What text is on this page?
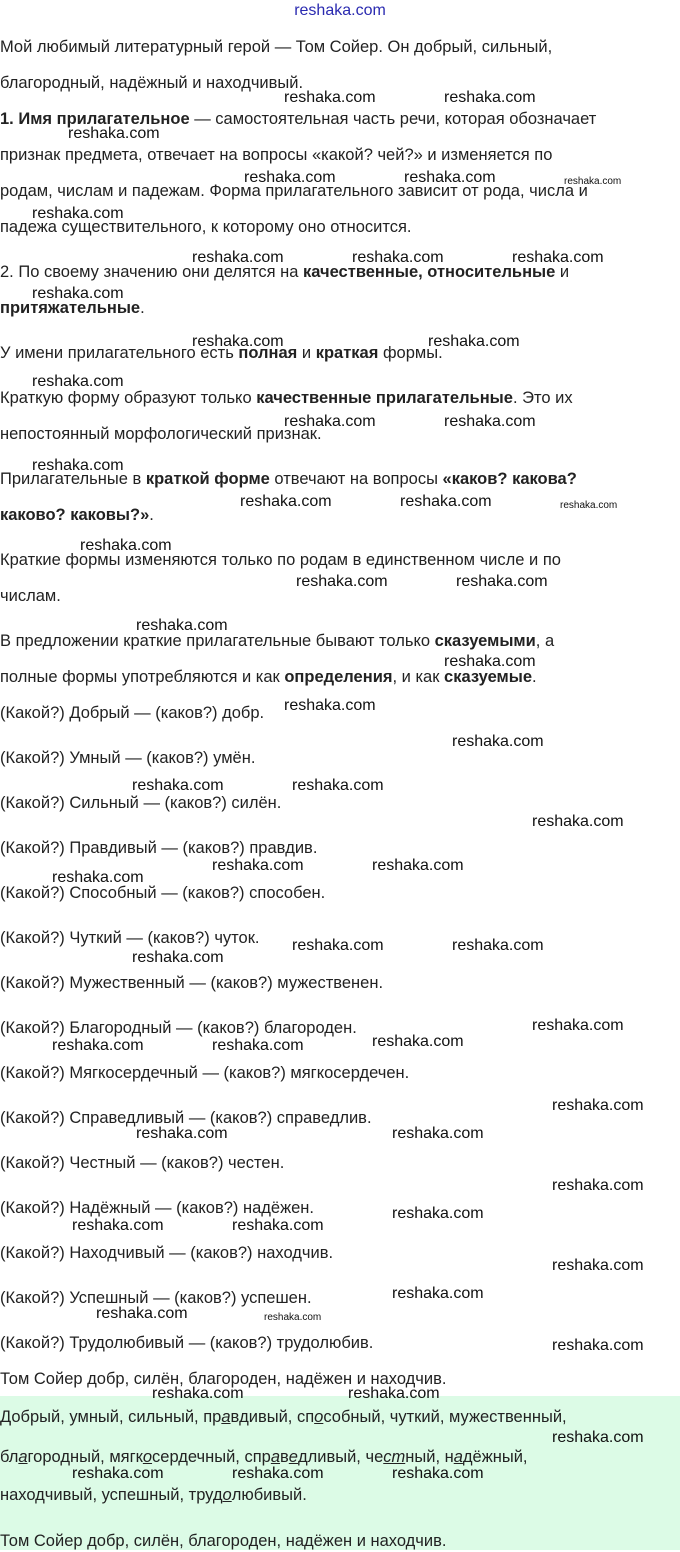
reshaka.com
Мой любимый литературный герой — Том Сойер. Он добрый, сильный,
благородный, надёжный и находчивый.
1. Имя прилагательное — самостоятельная часть речи, которая обозначает
признак предмета, отвечает на вопросы «какой? чей?» и изменяется по
родам, числам и падежам. Форма прилагательного зависит от рода, числа и
падежа существительного, к которому оно относится.
2. По своему значению они делятся на качественные, относительные и
притяжательные.
У имени прилагательного есть полная и краткая формы.
Краткую форму образуют только качественные прилагательные. Это их
непостоянный морфологический признак.
Прилагательные в краткой форме отвечают на вопросы «каков? какова?
каково? каковы?».
Краткие формы изменяются только по родам в единственном числе и по
числам.
В предложении краткие прилагательные бывают только сказуемыми, а
полные формы употребляются и как определения, и как сказуемые.
(Какой?) Добрый — (каков?) добр.
(Какой?) Умный — (каков?) умён.
(Какой?) Сильный — (каков?) силён.
(Какой?) Правдивый — (каков?) правдив.
(Какой?) Способный — (каков?) способен.
(Какой?) Чуткий — (каков?) чуток.
(Какой?) Мужественный — (каков?) мужественен.
(Какой?) Благородный — (каков?) благороден.
(Какой?) Мягкосердечный — (каков?) мягкосердечен.
(Какой?) Справедливый — (каков?) справедлив.
(Какой?) Честный — (каков?) честен.
(Какой?) Надёжный — (каков?) надёжен.
(Какой?) Находчивый — (каков?) находчив.
(Какой?) Успешный — (каков?) успешен.
(Какой?) Трудолюбивый — (каков?) трудолюбив.
Том Сойер добр, силён, благороден, надёжен и находчив.
Добрый, умный, сильный, правдивый, способный, чуткий, мужественный,
благородный, мягкосердечный, справедливый, честный, надёжный,
находчивый, успешный, трудолюбивый.
Том Сойер добр, силён, благороден, надёжен и находчив.
reshaka.com	reshaka.com
reshaka.com
reshaka.com	reshaka.com	reshaka.com
reshaka.com
reshaka.com	reshaka.com	reshaka.com
reshaka.com
reshaka.com	reshaka.com
reshaka.com
reshaka.com	reshaka.com
reshaka.com
reshaka.com	reshaka.com	reshaka.com
reshaka.com
reshaka.com	reshaka.com
reshaka.com
reshaka.com
reshaka.com
reshaka.com
reshaka.com	reshaka.com
reshaka.com
reshaka.com	reshaka.com
reshaka.com
reshaka.com	reshaka.com
reshaka.com
reshaka.com
reshaka.com
reshaka.com	reshaka.com
reshaka.com
reshaka.com	reshaka.com
reshaka.com
reshaka.com
reshaka.com	reshaka.com
reshaka.com
reshaka.com
reshaka.com	reshaka.com
reshaka.com
reshaka.com	reshaka.com
reshaka.com
reshaka.com	reshaka.com	reshaka.com
